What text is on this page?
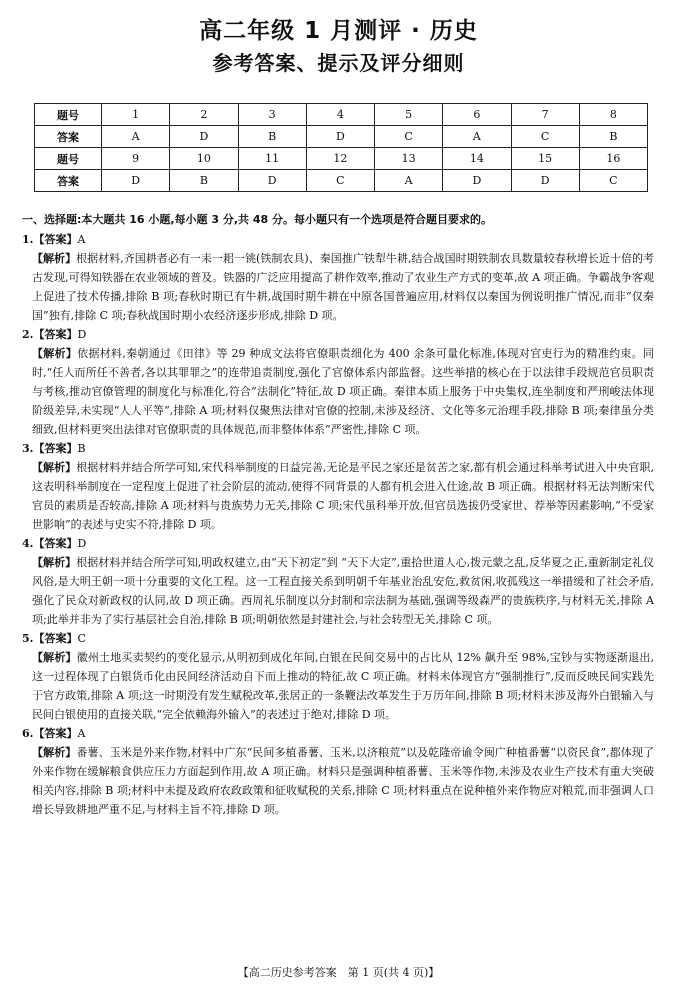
高二年级 1 月测评 · 历史
参考答案、提示及评分细则
题号	1	2	3	4	5	6	7	8
答案	A	D	B	D	C	A	C	B
题号	9	10	11	12	13	14	15	16
答案	D	B	D	C	A	D	D	C
一、选择题:本大题共 16 小题,每小题 3 分,共 48 分。每小题只有一个选项是符合题目要求的。
1.【答案】A
【解析】根据材料,齐国耕者必有一耒一耜一铫(铁制农具)、秦国推广铁犁牛耕,结合战国时期铁制农具数量较春秋增长近十倍的考古发现,可得知铁器在农业领域的普及。铁器的广泛应用提高了耕作效率,推动了农业生产方式的变革,故 A 项正确。争霸战争客观上促进了技术传播,排除 B 项;春秋时期已有牛耕,战国时期牛耕在中原各国普遍应用,材料仅以秦国为例说明推广情况,而非“仅秦国”独有,排除 C 项;春秋战国时期小农经济逐步形成,排除 D 项。
2.【答案】D
【解析】依据材料,秦朝通过《田律》等 29 种成文法将官僚职责细化为 400 余条可量化标准,体现对官吏行为的精准约束。同时,“任人而所任不善者,各以其罪罪之”的连带追责制度,强化了官僚体系内部监督。这些举措的核心在于以法律手段规范官员职责与考核,推动官僚管理的制度化与标准化,符合“法制化”特征,故 D 项正确。秦律本质上服务于中央集权,连坐制度和严刑峻法体现阶级差异,未实现“人人平等”,排除 A 项;材料仅聚焦法律对官僚的控制,未涉及经济、文化等多元治理手段,排除 B 项;秦律虽分类细致,但材料更突出法律对官僚职责的具体规范,而非整体体系“严密性,排除 C 项。
3.【答案】B
【解析】根据材料并结合所学可知,宋代科举制度的日益完善,无论是平民之家还是贫苦之家,都有机会通过科举考试进入中央官职,这表明科举制度在一定程度上促进了社会阶层的流动,使得不同背景的人都有机会进入仕途,故 B 项正确。根据材料无法判断宋代官员的素质是否较高,排除 A 项;材料与贵族势力无关,排除 C 项;宋代虽科举开放,但官员选拔仍受家世、荐举等因素影响,“不受家世影响”的表述与史实不符,排除 D 项。
4.【答案】D
【解析】根据材料并结合所学可知,明政权建立,由“天下初定”到 “天下大定”,重拾世道人心,拨元蒙之乱,反华夏之正,重新制定礼仪风俗,是大明王朝一项十分重要的文化工程。这一工程直接关系到明朝千年基业治乱安危,救贫闲,收孤残这一举措缓和了社会矛盾,强化了民众对新政权的认同,故 D 项正确。西周礼乐制度以分封制和宗法制为基础,强调等级森严的贵族秩序,与材料无关,排除 A 项;此举并非为了实行基层社会自治,排除 B 项;明朝依然是封建社会,与社会转型无关,排除 C 项。
5.【答案】C
【解析】徽州土地买卖契约的变化显示,从明初到成化年间,白银在民间交易中的占比从 12% 飙升至 98%,宝钞与实物逐渐退出,这一过程体现了白银货币化由民间经济活动自下而上推动的特征,故 C 项正确。材料未体现官方“强制推行”,反而反映民间实践先于官方政策,排除 A 项;这一时期没有发生赋税改革,张居正的一条鞭法改革发生于万历年间,排除 B 项;材料未涉及海外白银输入与民间白银使用的直接关联,“完全依赖海外输入”的表述过于绝对,排除 D 项。
6.【答案】A
【解析】番薯、玉米是外来作物,材料中广东“民间多植番薯、玉米,以济粮荒”以及乾隆帝谕令闽广种植番薯“以资民食”,都体现了外来作物在缓解粮食供应压力方面起到作用,故 A 项正确。材料只是强调种植番薯、玉米等作物,未涉及农业生产技术有重大突破相关内容,排除 B 项;材料中未提及政府农政政策和征收赋税的关系,排除 C 项;材料重点在说种植外来作物应对粮荒,而非强调人口增长导致耕地严重不足,与材料主旨不符,排除 D 项。
【高二历史参考答案　第 1 页(共 4 页)】
